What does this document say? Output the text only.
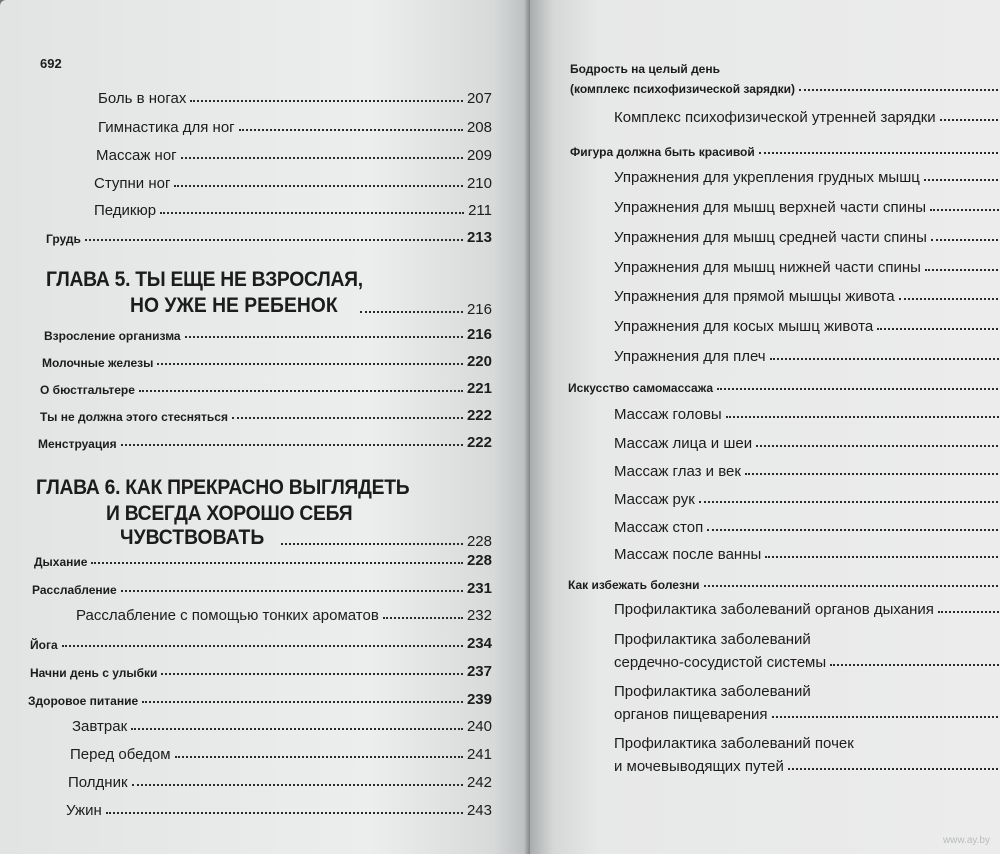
692
Боль в ногах	207
Гимнастика для ног	208
Массаж ног	209
Ступни ног	210
Педикюр	211
Грудь	213
ГЛАВА 5. ТЫ ЕЩЕ НЕ ВЗРОСЛАЯ,
НО УЖЕ НЕ РЕБЕНОК	216
Взросление организма	216
Молочные железы	220
О бюстгальтере	221
Ты не должна этого стесняться	222
Менструация	222
ГЛАВА 6. КАК ПРЕКРАСНО ВЫГЛЯДЕТЬ
И ВСЕГДА ХОРОШО СЕБЯ
ЧУВСТВОВАТЬ	228
Дыхание	228
Расслабление	231
Расслабление с помощью тонких ароматов	232
Йога	234
Начни день с улыбки	237
Здоровое питание	239
Завтрак	240
Перед обедом	241
Полдник	242
Ужин	243
Бодрость на целый день
(комплекс психофизической зарядки)
Комплекс психофизической утренней зарядки
Фигура должна быть красивой
Упражнения для укрепления грудных мышц
Упражнения для мышц верхней части спины
Упражнения для мышц средней части спины
Упражнения для мышц нижней части спины
Упражнения для прямой мышцы живота
Упражнения для косых мышц живота
Упражнения для плеч
Искусство самомассажа
Массаж головы
Массаж лица и шеи
Массаж глаз и век
Массаж рук
Массаж стоп
Массаж после ванны
Как избежать болезни
Профилактика заболеваний органов дыхания
Профилактика заболеваний
сердечно-сосудистой системы
Профилактика заболеваний
органов пищеварения
Профилактика заболеваний почек
и мочевыводящих путей
www.ay.by
